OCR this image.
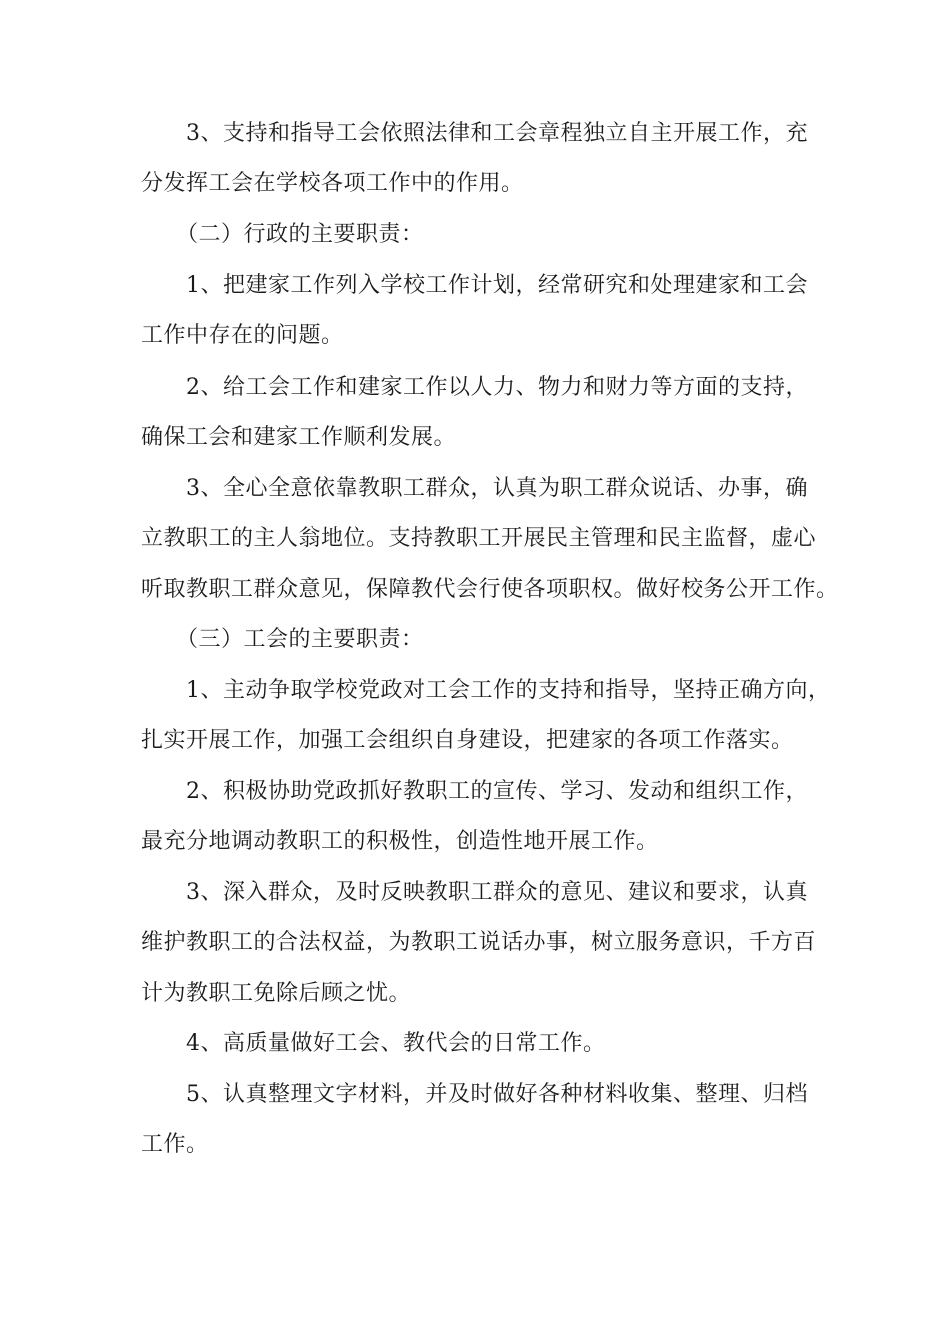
3、支持和指导工会依照法律和工会章程独立自主开展工作，充
分发挥工会在学校各项工作中的作用。
（二）行政的主要职责：
1、把建家工作列入学校工作计划，经常研究和处理建家和工会
工作中存在的问题。
2、给工会工作和建家工作以人力、物力和财力等方面的支持，
确保工会和建家工作顺利发展。
3、全心全意依靠教职工群众，认真为职工群众说话、办事，确
立教职工的主人翁地位。支持教职工开展民主管理和民主监督，虚心
听取教职工群众意见，保障教代会行使各项职权。做好校务公开工作。
（三）工会的主要职责：
1、主动争取学校党政对工会工作的支持和指导，坚持正确方向，
扎实开展工作，加强工会组织自身建设，把建家的各项工作落实。
2、积极协助党政抓好教职工的宣传、学习、发动和组织工作，
最充分地调动教职工的积极性，创造性地开展工作。
3、深入群众，及时反映教职工群众的意见、建议和要求，认真
维护教职工的合法权益，为教职工说话办事，树立服务意识，千方百
计为教职工免除后顾之忧。
4、高质量做好工会、教代会的日常工作。
5、认真整理文字材料，并及时做好各种材料收集、整理、归档
工作。
